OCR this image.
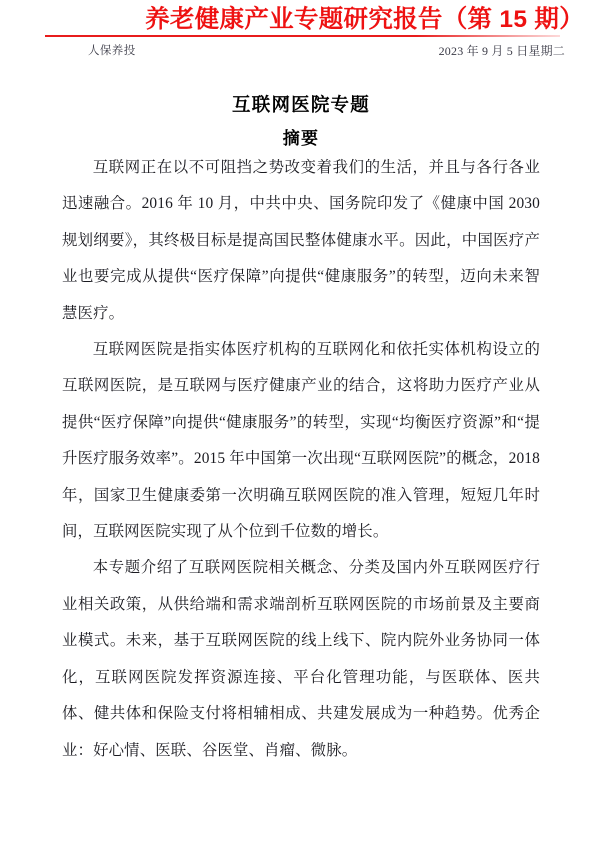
养老健康产业专题研究报告（第 15 期）
人保养投	2023 年 9 月 5 日星期二
互联网医院专题
摘要

互联网正在以不可阻挡之势改变着我们的生活，并且与各行各业迅速融合。2016 年 10 月，中共中央、国务院印发了《健康中国 2030 规划纲要》，其终极目标是提高国民整体健康水平。因此，中国医疗产业也要完成从提供“医疗保障”向提供“健康服务”的转型，迈向未来智慧医疗。

互联网医院是指实体医疗机构的互联网化和依托实体机构设立的互联网医院，是互联网与医疗健康产业的结合，这将助力医疗产业从提供“医疗保障”向提供“健康服务”的转型，实现“均衡医疗资源”和“提升医疗服务效率”。2015 年中国第一次出现“互联网医院”的概念，2018 年，国家卫生健康委第一次明确互联网医院的准入管理，短短几年时间，互联网医院实现了从个位到千位数的增长。

本专题介绍了互联网医院相关概念、分类及国内外互联网医疗行业相关政策，从供给端和需求端剖析互联网医院的市场前景及主要商业模式。未来，基于互联网医院的线上线下、院内院外业务协同一体化，互联网医院发挥资源连接、平台化管理功能，与医联体、医共体、健共体和保险支付将相辅相成、共建发展成为一种趋势。优秀企业：好心情、医联、谷医堂、肖瘤、微脉。
